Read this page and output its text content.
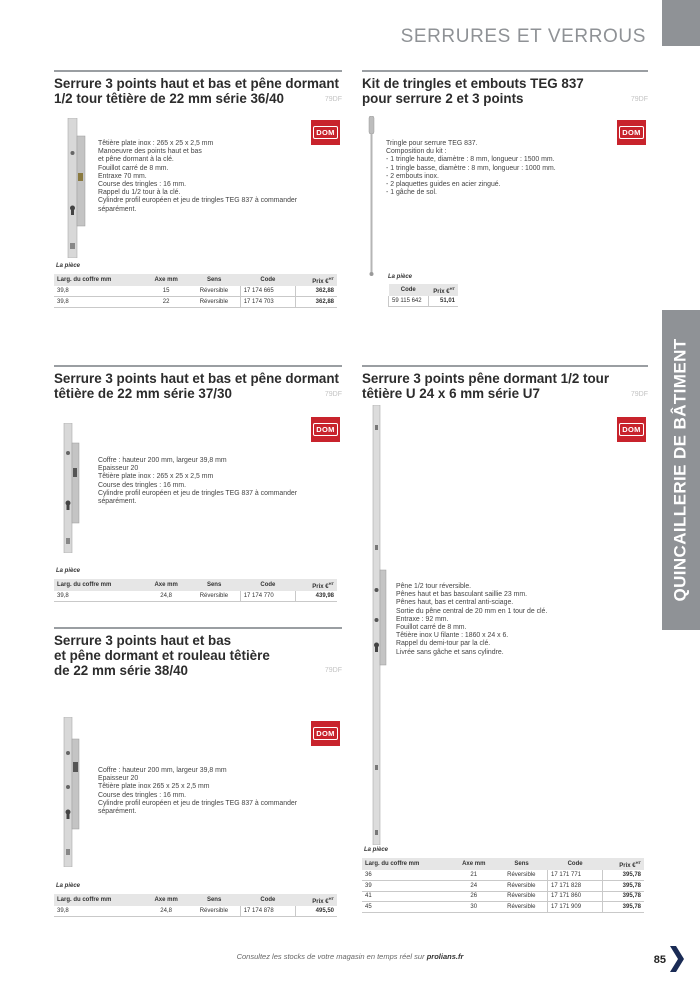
SERRURES ET VERROUS
QUINCAILLERIE DE BÂTIMENT
Serrure 3 points haut et bas et pêne dormant
1/2 tour têtière de 22 mm série 36/40	79DF
DOM

Têtière plate inox : 265 x 25 x 2,5 mm

Manoeuvre des points haut et bas

et pêne dormant à la clé.

Fouillot carré de 8 mm.

Entraxe 70 mm.

Course des tringles : 16 mm.

Rappel du 1/2 tour à la clé.

Cylindre profil européen et jeu de tringles TEG 837 à commander

séparément.

La pièce
Larg. du coffre mm	Axe mm	Sens	Code	Prix €$^{HT}$
39,8	15	Réversible	17 174 665	362,88
39,8	22	Réversible	17 174 703	362,88
Kit de tringles et embouts TEG 837
pour serrure 2 et 3 points	79DF
DOM

Tringle pour serrure TEG 837.

Composition du kit :

- 1 tringle haute, diamètre : 8 mm, longueur : 1500 mm.

- 1 tringle basse, diamètre : 8 mm, longueur : 1000 mm.

- 2 embouts inox.

- 2 plaquettes guides en acier zingué.

- 1 gâche de sol.

La pièce
Code	Prix €$^{HT}$
59 115 642	51,01
Serrure 3 points haut et bas et pêne dormant
têtière de 22 mm série 37/30	79DF
DOM

Coffre : hauteur 200 mm, largeur 39,8 mm

Epaisseur 20

Têtière plate inox : 265 x 25 x 2,5 mm

Course des tringles : 16 mm.

Cylindre profil européen et jeu de tringles TEG 837 à commander

séparément.

La pièce
Larg. du coffre mm	Axe mm	Sens	Code	Prix €$^{HT}$
39,8	24,8	Réversible	17 174 770	439,98
Serrure 3 points pêne dormant 1/2 tour
têtière U 24 x 6 mm série U7	79DF
DOM

Pêne 1/2 tour réversible.

Pênes haut et bas basculant saillie 23 mm.

Pênes haut, bas et central anti-sciage.

Sortie du pêne central de 20 mm en 1 tour de clé.

Entraxe : 92 mm.

Fouillot carré de 8 mm.

Têtière inox U filante : 1860 x 24 x 6.

Rappel du demi-tour par la clé.

Livrée sans gâche et sans cylindre.

La pièce
Larg. du coffre mm	Axe mm	Sens	Code	Prix €$^{HT}$
36	21	Réversible	17 171 771	395,78
39	24	Réversible	17 171 828	395,78
41	26	Réversible	17 171 860	395,78
45	30	Réversible	17 171 909	395,78
Serrure 3 points haut et bas
et pêne dormant et rouleau têtière
de 22 mm série 38/40	79DF
DOM

Coffre : hauteur 200 mm, largeur 39,8 mm

Epaisseur 20

Têtière plate inox 265 x 25 x 2,5 mm

Course des tringles : 16 mm.

Cylindre profil européen et jeu de tringles TEG 837 à commander

séparément.

La pièce
Larg. du coffre mm	Axe mm	Sens	Code	Prix €$^{HT}$
39,8	24,8	Réversible	17 174 878	495,50
Consultez les stocks de votre magasin en temps réel sur prolians.fr	85
